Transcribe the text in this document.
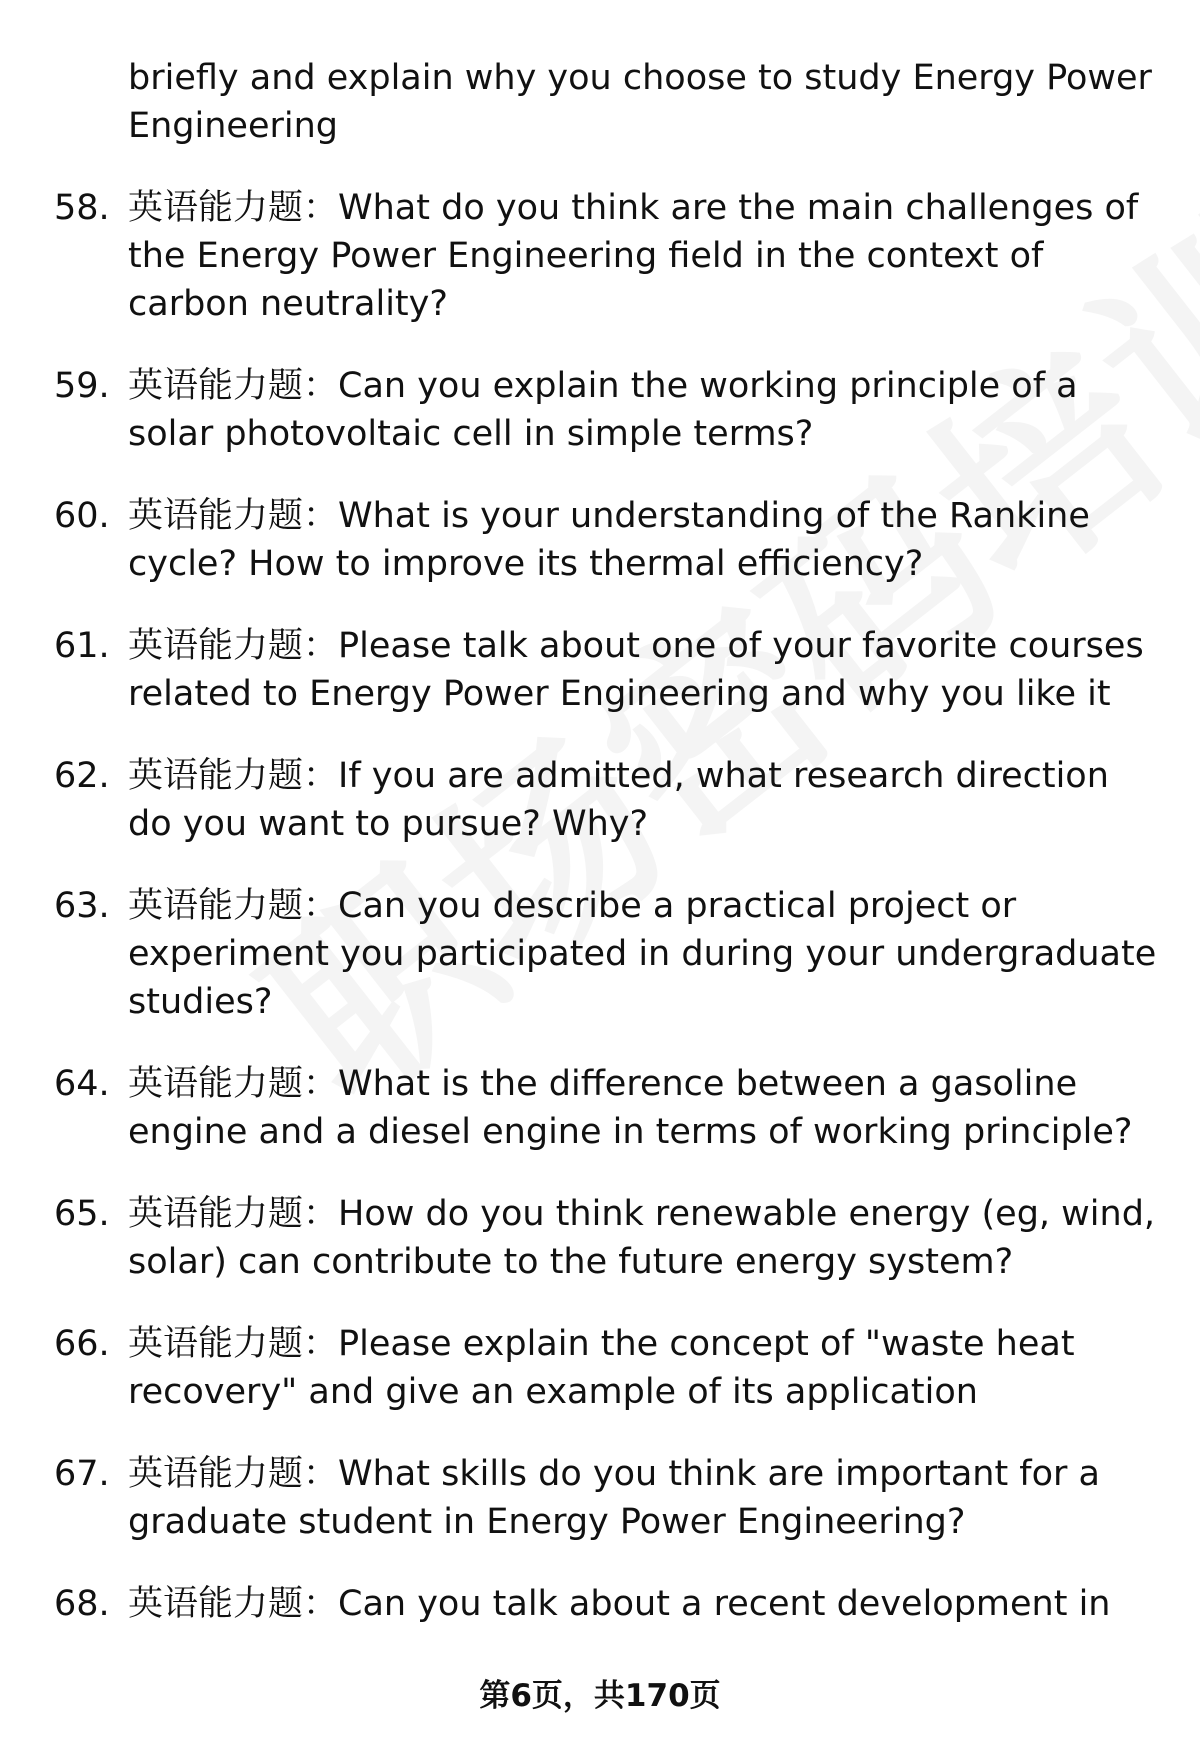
briefly and explain why you choose to study Energy Power Engineering
58. 英语能力题：What do you think are the main challenges of the Energy Power Engineering field in the context of carbon neutrality?
59. 英语能力题：Can you explain the working principle of a solar photovoltaic cell in simple terms?
60. 英语能力题：What is your understanding of the Rankine cycle? How to improve its thermal efficiency?
61. 英语能力题：Please talk about one of your favorite courses related to Energy Power Engineering and why you like it
62. 英语能力题：If you are admitted, what research direction do you want to pursue? Why?
63. 英语能力题：Can you describe a practical project or experiment you participated in during your undergraduate studies?
64. 英语能力题：What is the difference between a gasoline engine and a diesel engine in terms of working principle?
65. 英语能力题：How do you think renewable energy (eg, wind, solar) can contribute to the future energy system?
66. 英语能力题：Please explain the concept of "waste heat recovery" and give an example of its application
67. 英语能力题：What skills do you think are important for a graduate student in Energy Power Engineering?
68. 英语能力题：Can you talk about a recent development in
第6页，共170页
